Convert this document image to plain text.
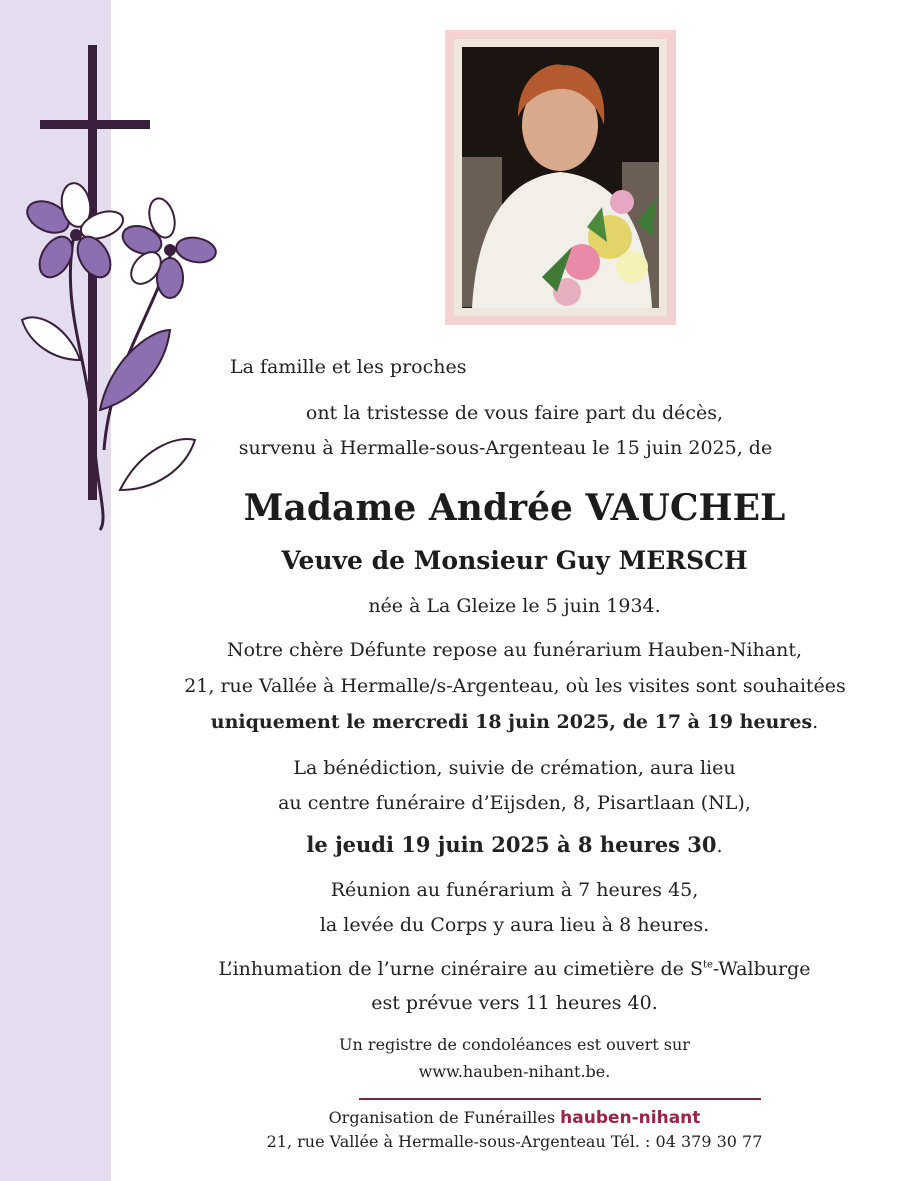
La famille et les proches
ont la tristesse de vous faire part du décès,
survenu à Hermalle-sous-Argenteau le 15 juin 2025, de
Madame Andrée VAUCHEL
Veuve de Monsieur Guy MERSCH
née à La Gleize le 5 juin 1934.
Notre chère Défunte repose au funérarium Hauben-Nihant,
21, rue Vallée à Hermalle/s-Argenteau, où les visites sont souhaitées
uniquement le mercredi 18 juin 2025, de 17 à 19 heures.
La bénédiction, suivie de crémation, aura lieu
au centre funéraire d’Eijsden, 8, Pisartlaan (NL),
le jeudi 19 juin 2025 à 8 heures 30.
Réunion au funérarium à 7 heures 45,
la levée du Corps y aura lieu à 8 heures.
L’inhumation de l’urne cinéraire au cimetière de $S^{te}$-Walburge
est prévue vers 11 heures 40.
Un registre de condoléances est ouvert sur
www.hauben-nihant.be.
Organisation de Funérailles hauben-nihant
21, rue Vallée à Hermalle-sous-Argenteau Tél. : 04 379 30 77
